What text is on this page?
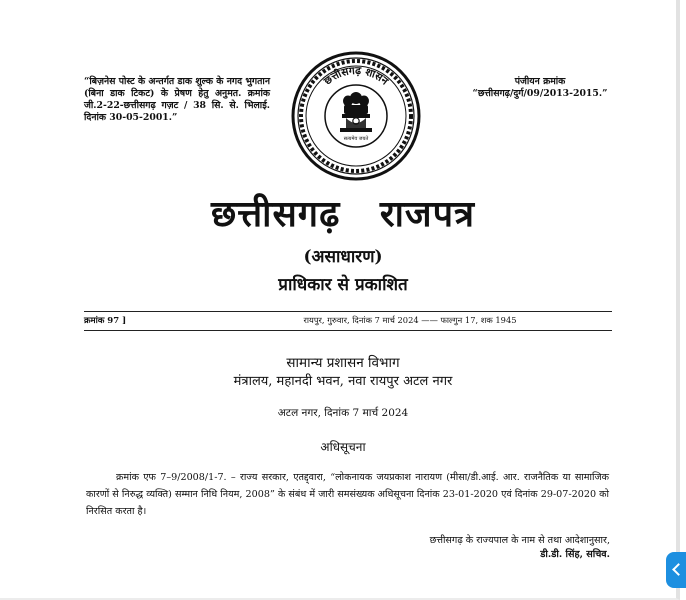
“बिज़नेस पोस्ट के अन्तर्गत डाक शुल्क के नगद भुगतान (बिना डाक टिकट) के प्रेषण हेतु अनुमत. क्रमांक जी.2-22-छत्तीसगढ़ गज़ट / 38 सि. से. भिलाई. दिनांक 30-05-2001.”
छत्तीसगढ़ शासन
सत्यमेव जयते
पंजीयन क्रमांक
“छत्तीसगढ़/दुर्ग/09/2013-2015.”
छत्तीसगढ़ राजपत्र
(असाधारण)
प्राधिकार से प्रकाशित
क्रमांक 97 ]	रायपुर, गुरुवार, दिनांक 7 मार्च 2024 —— फाल्गुन 17, शक 1945
सामान्य प्रशासन विभाग
मंत्रालय, महानदी भवन, नवा रायपुर अटल नगर
अटल नगर, दिनांक 7 मार्च 2024
अधिसूचना
क्रमांक एफ 7–9/2008/1-7. – राज्य सरकार, एतद्द्वारा, “लोकनायक जयप्रकाश नारायण (मीसा/डी.आई. आर. राजनैतिक या सामाजिक कारणों से निरुद्ध व्यक्ति) सम्मान निधि नियम, 2008” के संबंध में जारी समसंख्यक अधिसूचना दिनांक 23-01-2020 एवं दिनांक 29-07-2020 को निरसित करता है।
छत्तीसगढ़ के राज्यपाल के नाम से तथा आदेशानुसार,
डी.डी. सिंह, सचिव.
